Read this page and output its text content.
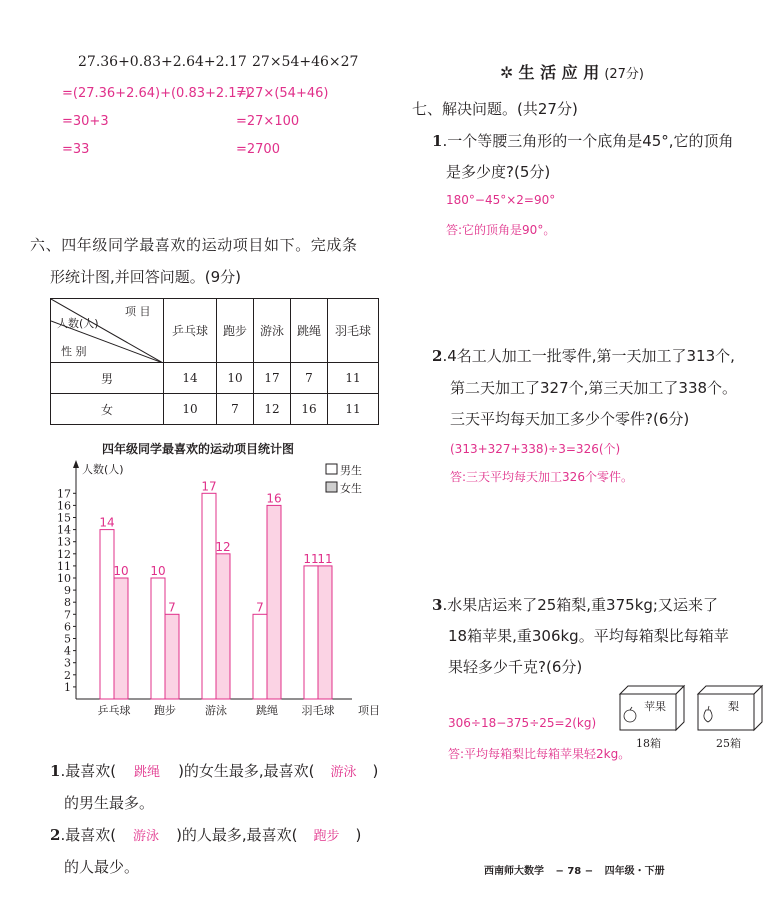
27.36+0.83+2.64+2.17 27×54+46×27
=(27.36+2.64)+(0.83+2.17)
=30+3
=33
=27×(54+46)
=27×100
=2700
六、四年级同学最喜欢的运动项目如下。完成条
形统计图,并回答问题。(9分)
项 目
人数(人)
性 别	乒乓球	跑步	游泳	跳绳	羽毛球
男	14	10	17	7	11
女	10	7	12	16	11
四年级同学最喜欢的运动项目统计图
1
2
3
4
5
6
7
8
9
10
11
12
13
14
15
16
17
人数(人)
项目
14
10
乒乓球
10
7
跑步
17
12
游泳
7
16
跳绳
11
11
羽毛球
男生
女生
1.最喜欢( 跳绳 )的女生最多,最喜欢( 游泳 )
的男生最多。
2.最喜欢( 游泳 )的人最多,最喜欢( 跑步 )
的人最少。
✲ 生 活 应 用 (27分)
七、解决问题。(共27分)
1.一个等腰三角形的一个底角是45°,它的顶角
是多少度?(5分)
180°−45°×2=90°
答:它的顶角是90°。
2.4名工人加工一批零件,第一天加工了313个,
第二天加工了327个,第三天加工了338个。
三天平均每天加工多少个零件?(6分)
(313+327+338)÷3=326(个)
答:三天平均每天加工326个零件。
3.水果店运来了25箱梨,重375kg;又运来了
18箱苹果,重306kg。平均每箱梨比每箱苹
果轻多少千克?(6分)
306÷18−375÷25=2(kg)
答:平均每箱梨比每箱苹果轻2kg。
苹果
18箱
梨
25箱
西南师大数学 − 78 − 四年级・下册
